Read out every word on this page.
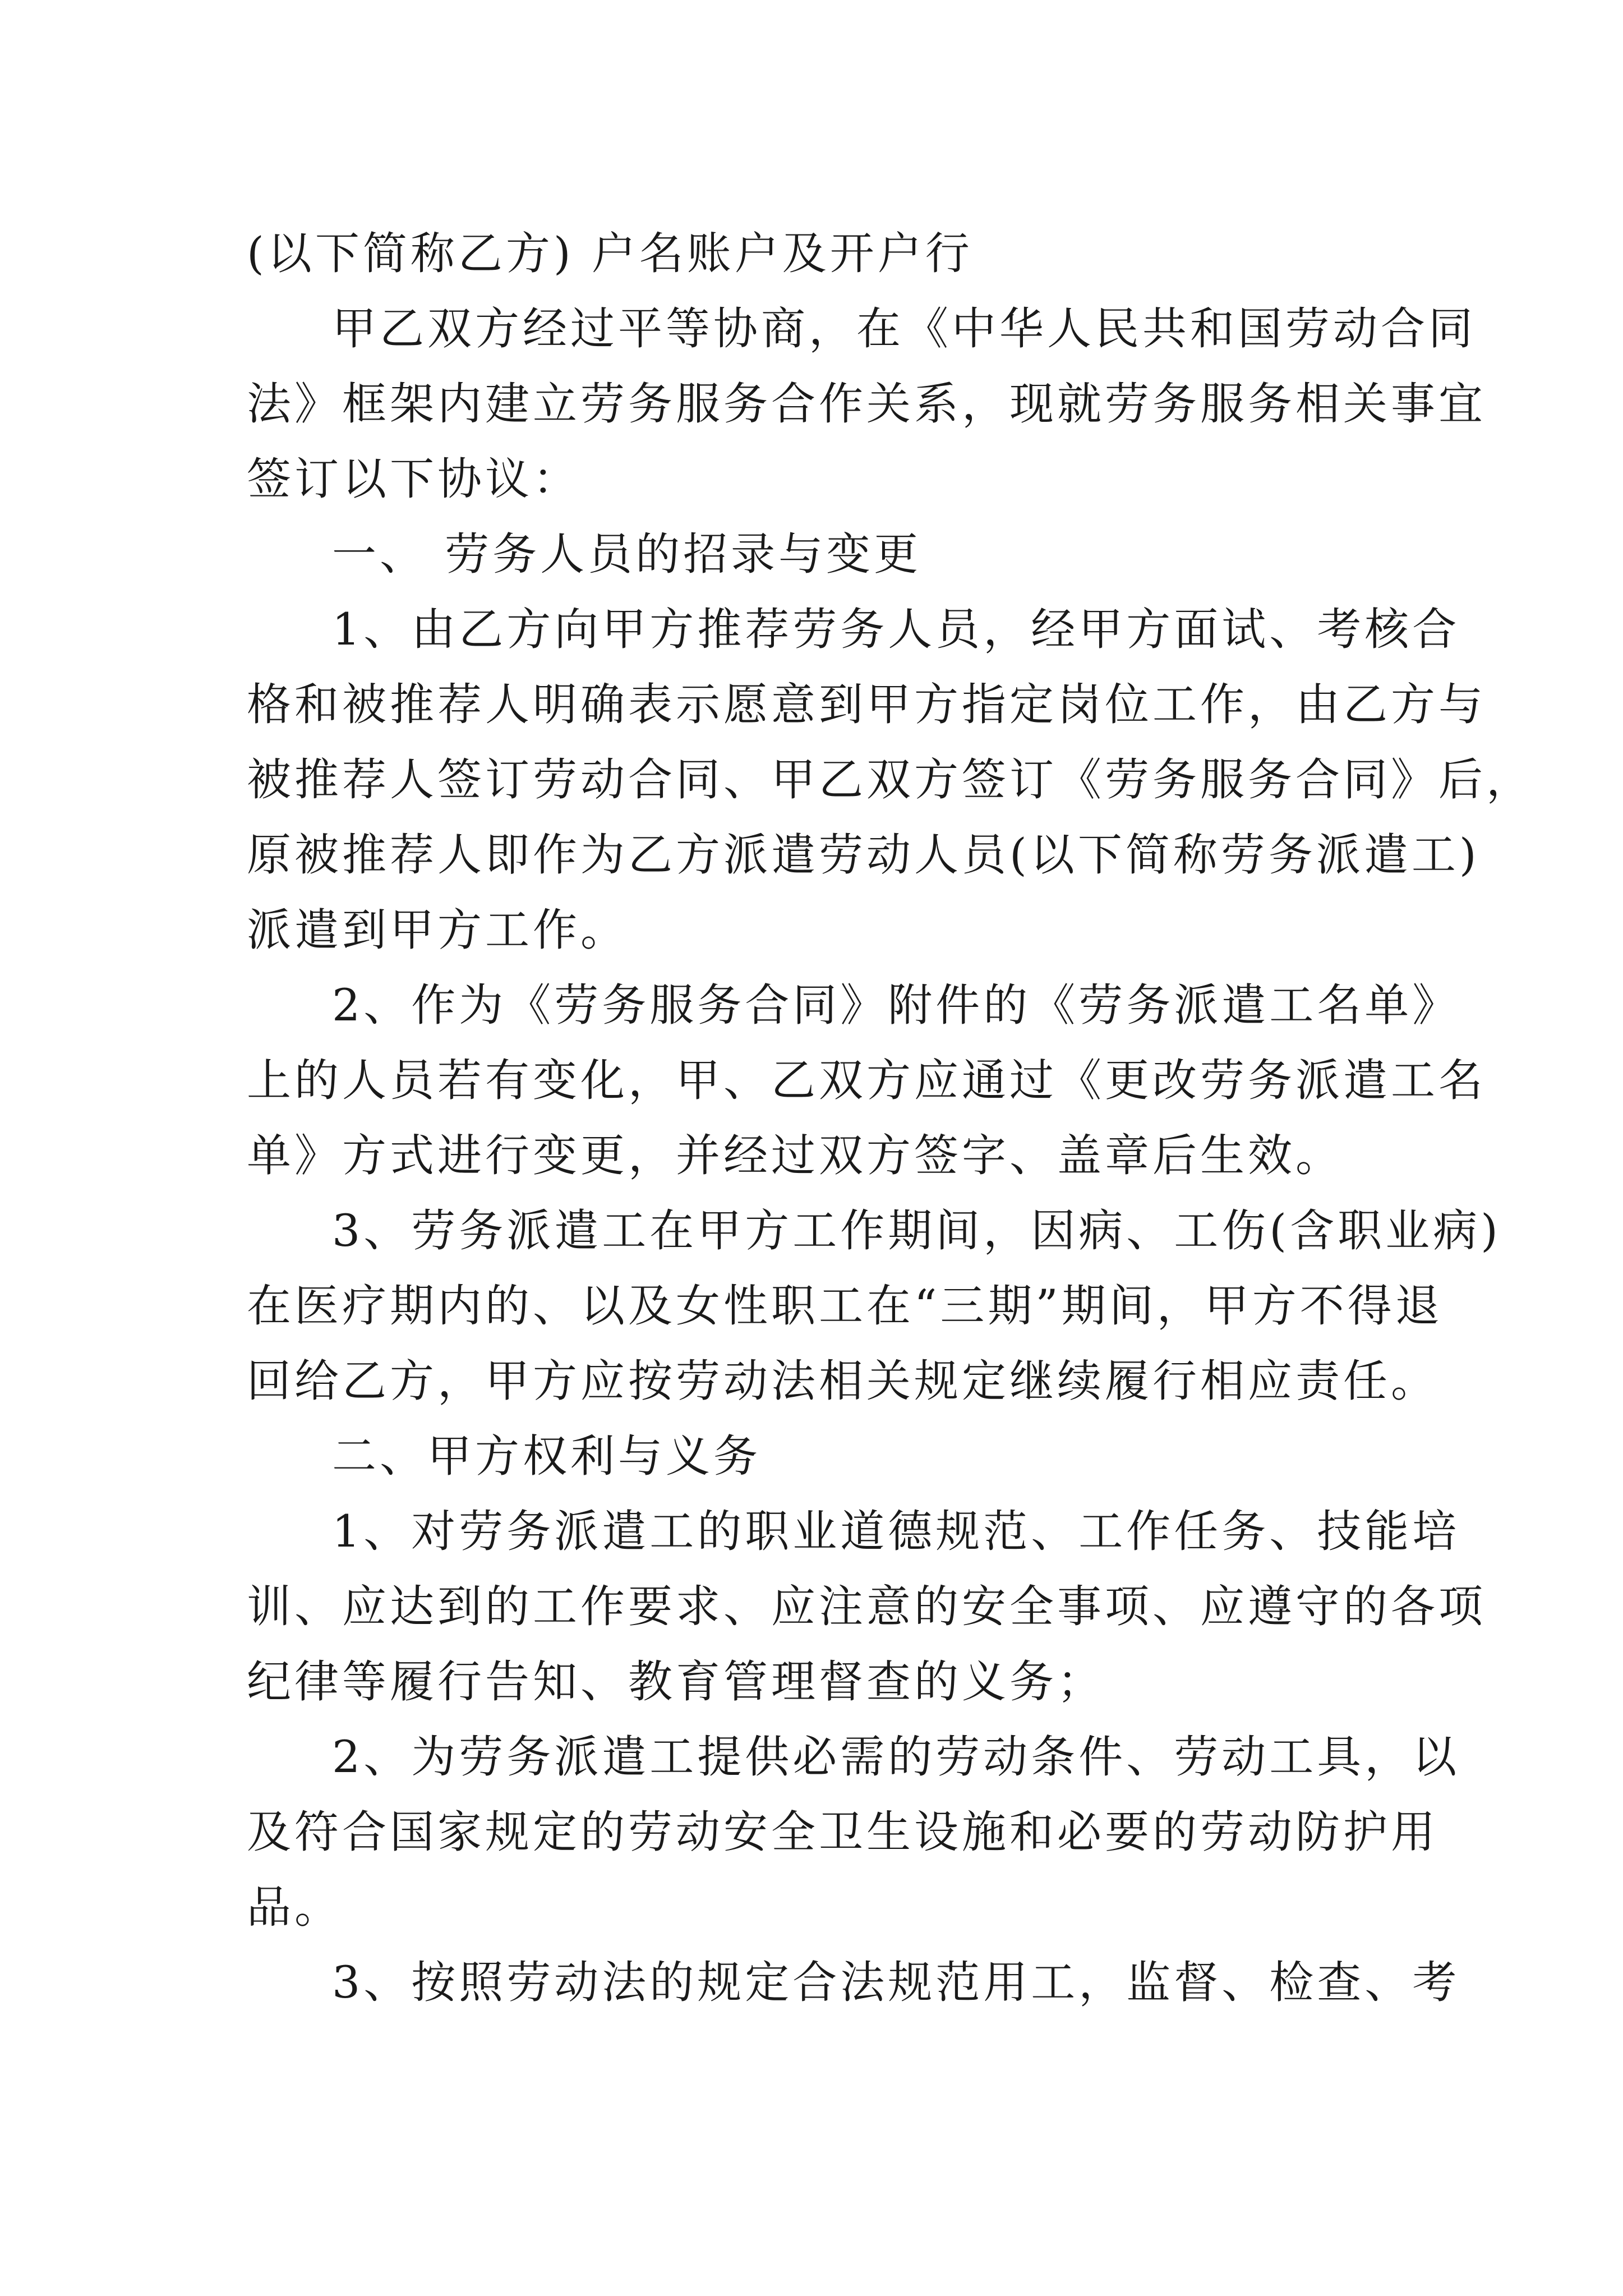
(以下简称乙方) 户名账户及开户行
甲乙双方经过平等协商，在《中华人民共和国劳动合同
法》框架内建立劳务服务合作关系，现就劳务服务相关事宜
签订以下协议：
一、 劳务人员的招录与变更
1、由乙方向甲方推荐劳务人员，经甲方面试、考核合
格和被推荐人明确表示愿意到甲方指定岗位工作，由乙方与
被推荐人签订劳动合同、甲乙双方签订《劳务服务合同》后，
原被推荐人即作为乙方派遣劳动人员(以下简称劳务派遣工)
派遣到甲方工作。
2、作为《劳务服务合同》附件的《劳务派遣工名单》
上的人员若有变化，甲、乙双方应通过《更改劳务派遣工名
单》方式进行变更，并经过双方签字、盖章后生效。
3、劳务派遣工在甲方工作期间，因病、工伤(含职业病)
在医疗期内的、以及女性职工在“三期”期间，甲方不得退
回给乙方，甲方应按劳动法相关规定继续履行相应责任。
二、甲方权利与义务
1、对劳务派遣工的职业道德规范、工作任务、技能培
训、应达到的工作要求、应注意的安全事项、应遵守的各项
纪律等履行告知、教育管理督查的义务；
2、为劳务派遣工提供必需的劳动条件、劳动工具，以
及符合国家规定的劳动安全卫生设施和必要的劳动防护用
品。
3、按照劳动法的规定合法规范用工，监督、检查、考
